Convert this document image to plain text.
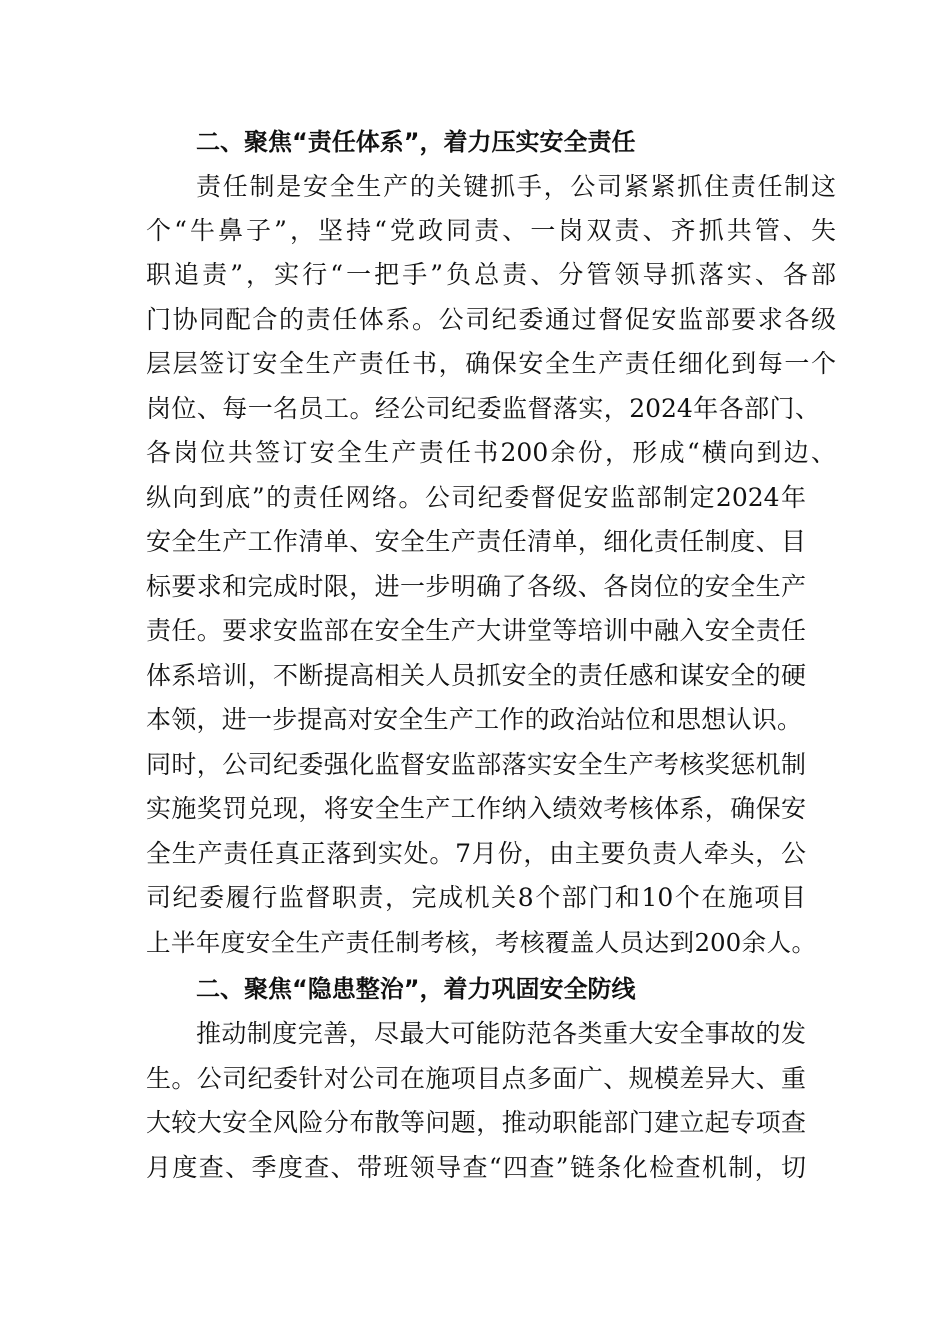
二、聚焦“责任体系”，着力压实安全责任
责任制是安全生产的关键抓手，公司紧紧抓住责任制这
个“牛鼻子”，坚持“党政同责、一岗双责、齐抓共管、失
职追责”，实行“一把手”负总责、分管领导抓落实、各部
门协同配合的责任体系。公司纪委通过督促安监部要求各级
层层签订安全生产责任书，确保安全生产责任细化到每一个
岗位、每一名员工。经公司纪委监督落实，2024年各部门、
各岗位共签订安全生产责任书200余份，形成“横向到边、
纵向到底”的责任网络。公司纪委督促安监部制定2024年
安全生产工作清单、安全生产责任清单，细化责任制度、目
标要求和完成时限，进一步明确了各级、各岗位的安全生产
责任。要求安监部在安全生产大讲堂等培训中融入安全责任
体系培训，不断提高相关人员抓安全的责任感和谋安全的硬
本领，进一步提高对安全生产工作的政治站位和思想认识。
同时，公司纪委强化监督安监部落实安全生产考核奖惩机制
实施奖罚兑现，将安全生产工作纳入绩效考核体系，确保安
全生产责任真正落到实处。7月份，由主要负责人牵头，公
司纪委履行监督职责，完成机关8个部门和10个在施项目
上半年度安全生产责任制考核，考核覆盖人员达到200余人。
二、聚焦“隐患整治”，着力巩固安全防线
推动制度完善，尽最大可能防范各类重大安全事故的发
生。公司纪委针对公司在施项目点多面广、规模差异大、重
大较大安全风险分布散等问题，推动职能部门建立起专项查
月度查、季度查、带班领导查“四查”链条化检查机制，切
